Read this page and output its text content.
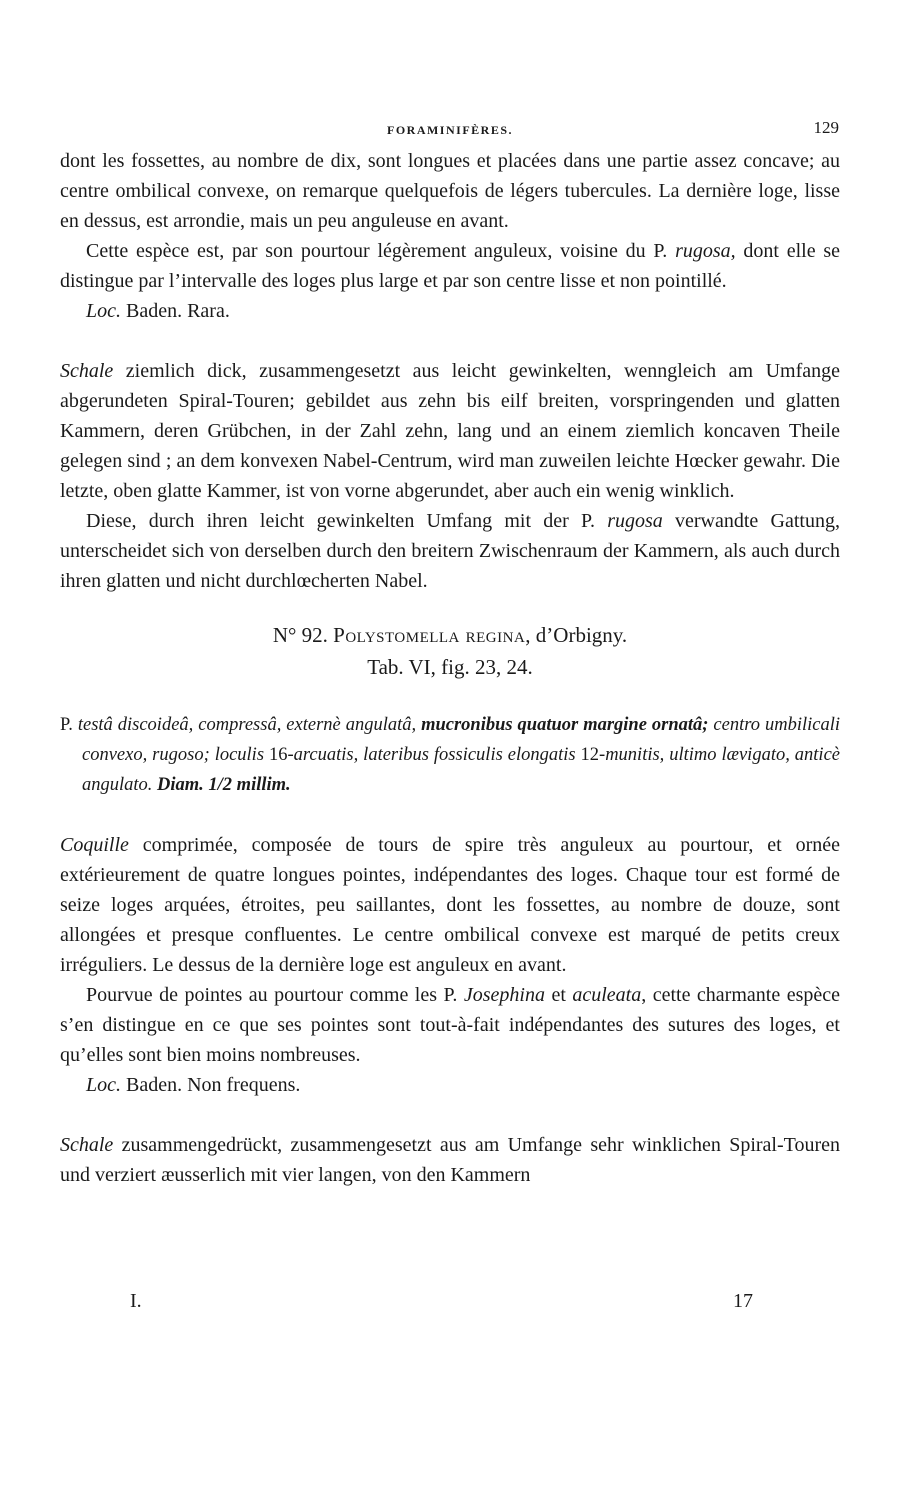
FORAMINIFÈRES.	129

dont les fossettes, au nombre de dix, sont longues et placées dans une partie assez concave; au centre ombilical convexe, on remarque quelquefois de légers tubercules. La dernière loge, lisse en dessus, est arrondie, mais un peu anguleuse en avant.

Cette espèce est, par son pourtour légèrement anguleux, voisine du P. rugosa, dont elle se distingue par l’intervalle des loges plus large et par son centre lisse et non pointillé.

Loc. Baden. Rara.

Schale ziemlich dick, zusammengesetzt aus leicht gewinkelten, wenngleich am Umfange abgerundeten Spiral-Touren; gebildet aus zehn bis eilf breiten, vorspringenden und glatten Kammern, deren Grübchen, in der Zahl zehn, lang und an einem ziemlich koncaven Theile gelegen sind ; an dem konvexen Nabel-Centrum, wird man zuweilen leichte Hœcker gewahr. Die letzte, oben glatte Kammer, ist von vorne abgerundet, aber auch ein wenig winklich.

Diese, durch ihren leicht gewinkelten Umfang mit der P. rugosa verwandte Gattung, unterscheidet sich von derselben durch den breitern Zwischenraum der Kammern, als auch durch ihren glatten und nicht durchlœcherten Nabel.

N° 92. Polystomella regina, d’Orbigny.
Tab. VI, fig. 23, 24.

P. testâ discoideâ, compressâ, externè angulatâ, mucronibus quatuor margine ornatâ; centro umbilicali convexo, rugoso; loculis 16-arcuatis, lateribus fossiculis elongatis 12-munitis, ultimo lævigato, anticè angulato. Diam. 1/2 millim.

Coquille comprimée, composée de tours de spire très anguleux au pourtour, et ornée extérieurement de quatre longues pointes, indépendantes des loges. Chaque tour est formé de seize loges arquées, étroites, peu saillantes, dont les fossettes, au nombre de douze, sont allongées et presque confluentes. Le centre ombilical convexe est marqué de petits creux irréguliers. Le dessus de la dernière loge est anguleux en avant.

Pourvue de pointes au pourtour comme les P. Josephina et aculeata, cette charmante espèce s’en distingue en ce que ses pointes sont tout-à-fait indépendantes des sutures des loges, et qu’elles sont bien moins nombreuses.

Loc. Baden. Non frequens.

Schale zusammengedrückt, zusammengesetzt aus am Umfange sehr winklichen Spiral-Touren und verziert æusserlich mit vier langen, von den Kammern

I.	17
